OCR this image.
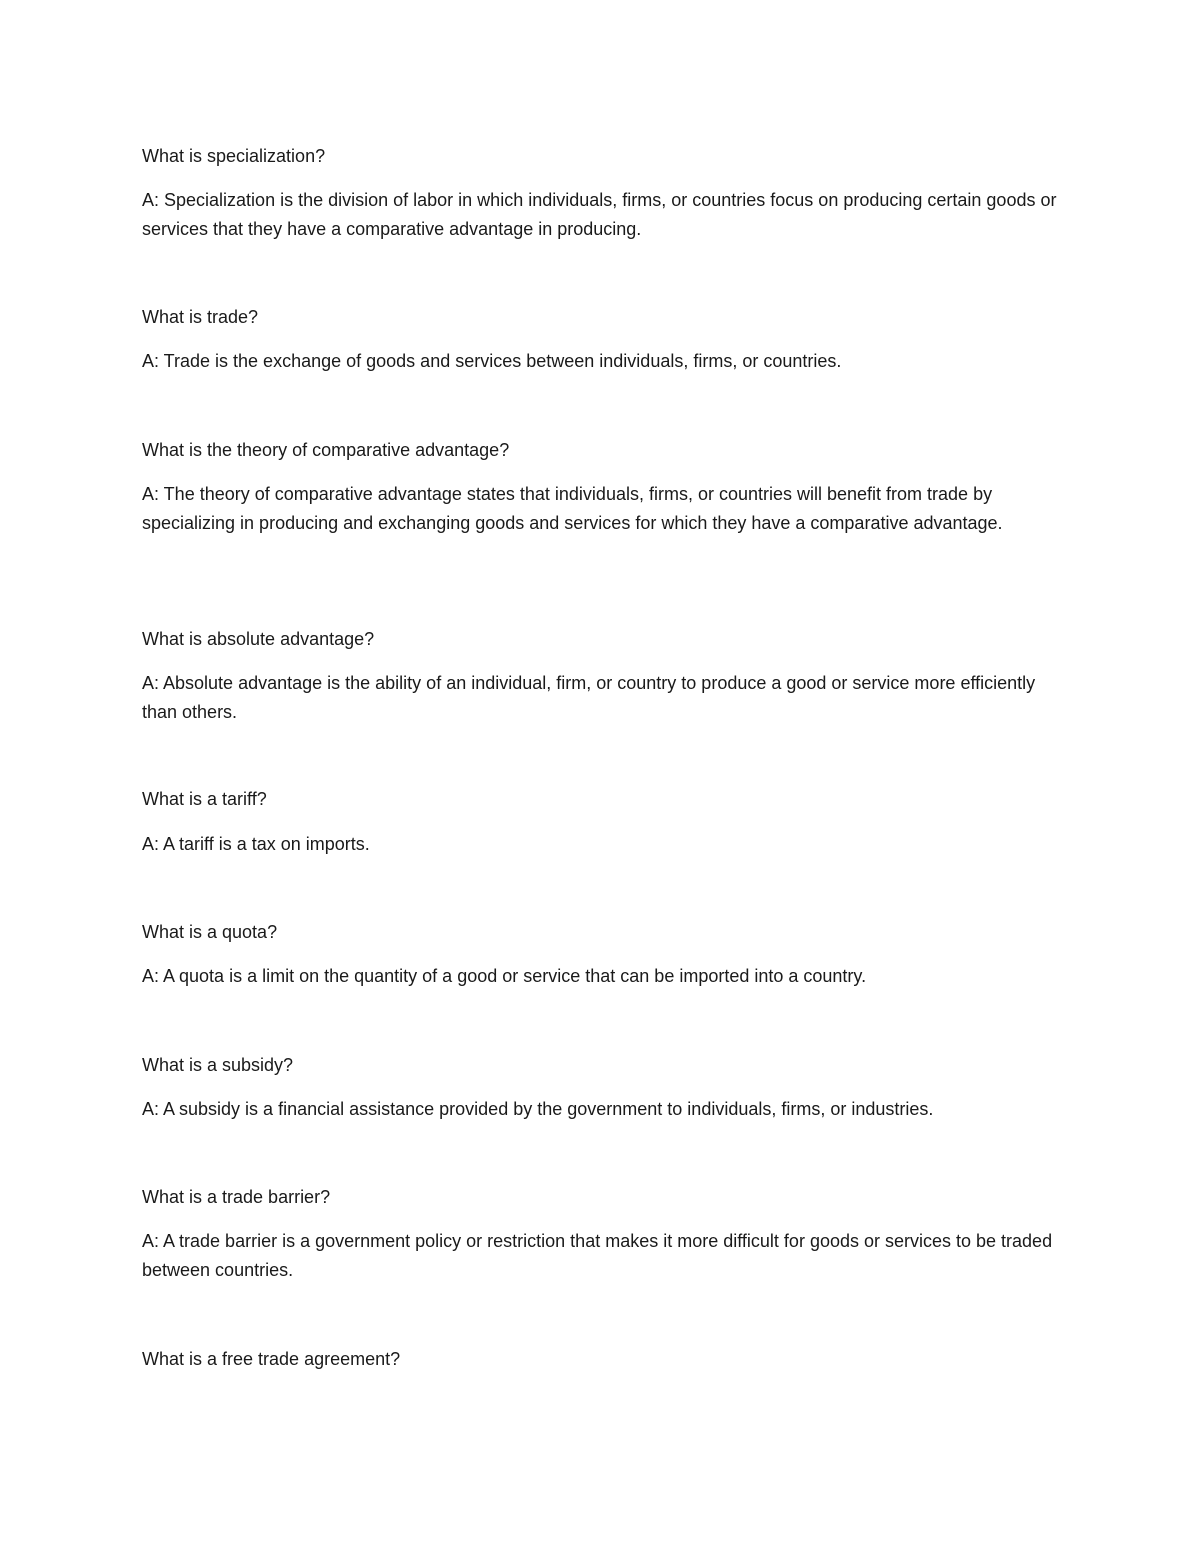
What is specialization?

A: Specialization is the division of labor in which individuals, firms, or countries focus on producing certain goods or services that they have a comparative advantage in producing.

What is trade?

A: Trade is the exchange of goods and services between individuals, firms, or countries.

What is the theory of comparative advantage?

A: The theory of comparative advantage states that individuals, firms, or countries will benefit from trade by specializing in producing and exchanging goods and services for which they have a comparative advantage.

What is absolute advantage?

A: Absolute advantage is the ability of an individual, firm, or country to produce a good or service more efficiently than others.

What is a tariff?

A: A tariff is a tax on imports.

What is a quota?

A: A quota is a limit on the quantity of a good or service that can be imported into a country.

What is a subsidy?

A: A subsidy is a financial assistance provided by the government to individuals, firms, or industries.

What is a trade barrier?

A: A trade barrier is a government policy or restriction that makes it more difficult for goods or services to be traded between countries.

What is a free trade agreement?
